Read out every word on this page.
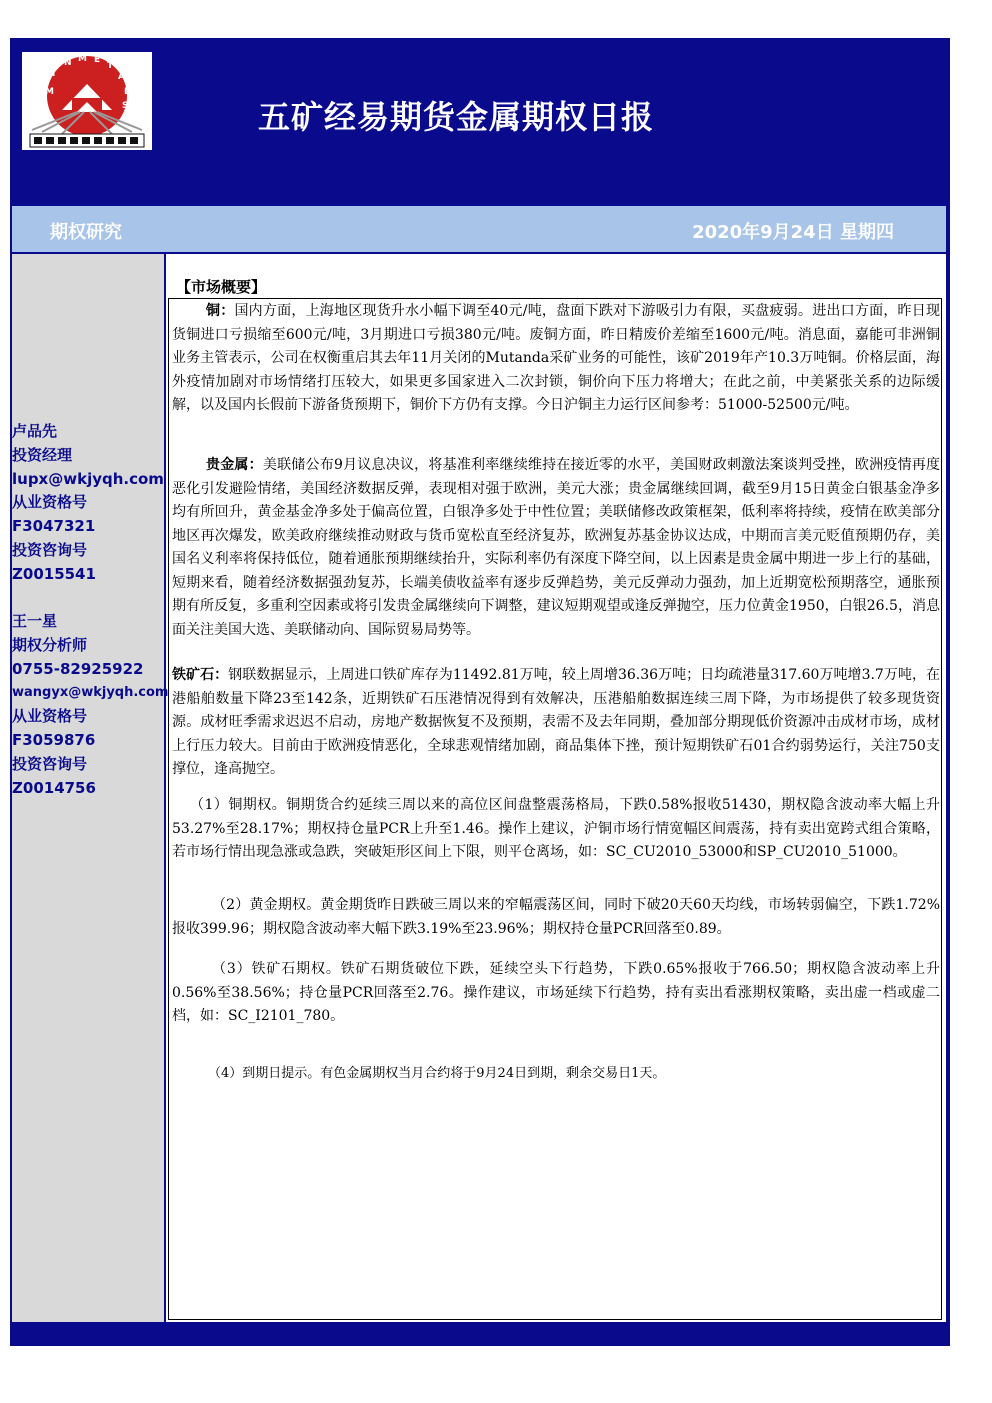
M
I
N M E
T
A
L
S	五矿经易期货金属期权日报
期权研究	2020年9月24日 星期四
卢品先
投资经理
lupx@wkjyqh.com
从业资格号
F3047321
投资咨询号
Z0015541
王一星
期权分析师
0755-82925922
wangyx@wkjyqh.com
从业资格号
F3059876
投资咨询号
Z0014756
【市场概要】
铜：国内方面，上海地区现货升水小幅下调至40元/吨，盘面下跌对下游吸引力有限，买盘疲弱。进出口方面，昨日现货铜进口亏损缩至600元/吨，3月期进口亏损380元/吨。废铜方面，昨日精废价差缩至1600元/吨。消息面，嘉能可非洲铜业务主管表示，公司在权衡重启其去年11月关闭的Mutanda采矿业务的可能性，该矿2019年产10.3万吨铜。价格层面，海外疫情加剧对市场情绪打压较大，如果更多国家进入二次封锁，铜价向下压力将增大；在此之前，中美紧张关系的边际缓解，以及国内长假前下游备货预期下，铜价下方仍有支撑。今日沪铜主力运行区间参考：51000-52500元/吨。
贵金属：美联储公布9月议息决议，将基准利率继续维持在接近零的水平，美国财政刺激法案谈判受挫，欧洲疫情再度恶化引发避险情绪，美国经济数据反弹，表现相对强于欧洲，美元大涨；贵金属继续回调，截至9月15日黄金白银基金净多均有所回升，黄金基金净多处于偏高位置，白银净多处于中性位置；美联储修改政策框架，低利率将持续，疫情在欧美部分地区再次爆发，欧美政府继续推动财政与货币宽松直至经济复苏，欧洲复苏基金协议达成，中期而言美元贬值预期仍存，美国名义利率将保持低位，随着通胀预期继续抬升，实际利率仍有深度下降空间，以上因素是贵金属中期进一步上行的基础，短期来看，随着经济数据强劲复苏，长端美债收益率有逐步反弹趋势，美元反弹动力强劲，加上近期宽松预期落空，通胀预期有所反复，多重利空因素或将引发贵金属继续向下调整，建议短期观望或逢反弹抛空，压力位黄金1950，白银26.5，消息面关注美国大选、美联储动向、国际贸易局势等。
铁矿石：钢联数据显示，上周进口铁矿库存为11492.81万吨，较上周增36.36万吨；日均疏港量317.60万吨增3.7万吨，在港船舶数量下降23至142条，近期铁矿石压港情况得到有效解决，压港船舶数据连续三周下降，为市场提供了较多现货资源。成材旺季需求迟迟不启动，房地产数据恢复不及预期，表需不及去年同期，叠加部分期现低价资源冲击成材市场，成材上行压力较大。目前由于欧洲疫情恶化，全球悲观情绪加剧，商品集体下挫，预计短期铁矿石01合约弱势运行，关注750支撑位，逢高抛空。
（1）铜期权。铜期货合约延续三周以来的高位区间盘整震荡格局，下跌0.58%报收51430，期权隐含波动率大幅上升53.27%至28.17%；期权持仓量PCR上升至1.46。操作上建议，沪铜市场行情宽幅区间震荡，持有卖出宽跨式组合策略，若市场行情出现急涨或急跌，突破矩形区间上下限，则平仓离场，如：SC_CU2010_53000和SP_CU2010_51000。
（2）黄金期权。黄金期货昨日跌破三周以来的窄幅震荡区间，同时下破20天60天均线，市场转弱偏空，下跌1.72%报收399.96；期权隐含波动率大幅下跌3.19%至23.96%；期权持仓量PCR回落至0.89。
（3）铁矿石期权。铁矿石期货破位下跌，延续空头下行趋势，下跌0.65%报收于766.50；期权隐含波动率上升0.56%至38.56%；持仓量PCR回落至2.76。操作建议，市场延续下行趋势，持有卖出看涨期权策略，卖出虚一档或虚二档，如：SC_I2101_780。
（4）到期日提示。有色金属期权当月合约将于9月24日到期，剩余交易日1天。
